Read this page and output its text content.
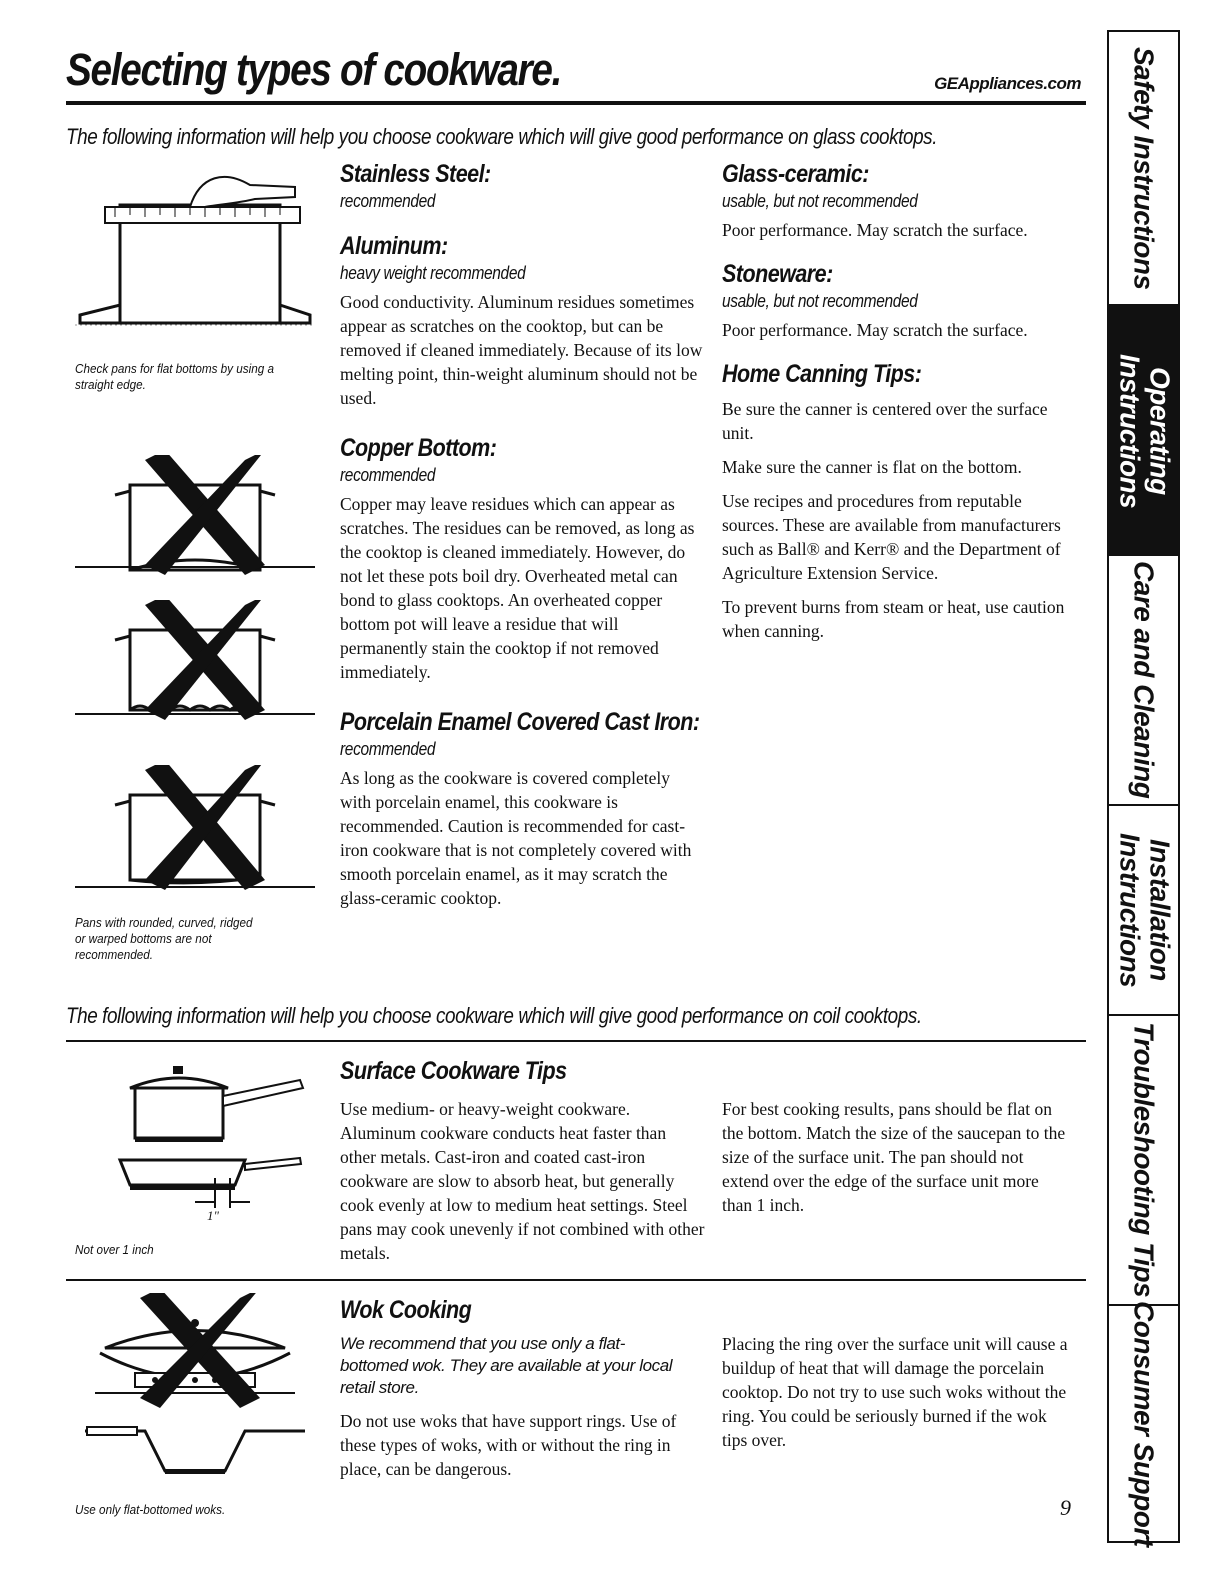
Selecting types of cookware.	GEAppliances.com
The following information will help you choose cookware which will give good performance on glass cooktops.
Check pans for flat bottoms by using a straight edge.
Pans with rounded, curved, ridged or warped bottoms are not recommended.
Stainless Steel:
recommended
Aluminum:
heavy weight recommended

Good conductivity. Aluminum residues sometimes appear as scratches on the cooktop, but can be removed if cleaned immediately. Because of its low melting point, thin-weight aluminum should not be used.

Copper Bottom:
recommended

Copper may leave residues which can appear as scratches. The residues can be removed, as long as the cooktop is cleaned immediately. However, do not let these pots boil dry. Overheated metal can bond to glass cooktops. An overheated copper bottom pot will leave a residue that will permanently stain the cooktop if not removed immediately.

Porcelain Enamel Covered Cast Iron:
recommended

As long as the cookware is covered completely with porcelain enamel, this cookware is recommended. Caution is recommended for cast-iron cookware that is not completely covered with smooth porcelain enamel, as it may scratch the glass-ceramic cooktop.

Glass-ceramic:
usable, but not recommended

Poor performance. May scratch the surface.

Stoneware:
usable, but not recommended

Poor performance. May scratch the surface.

Home Canning Tips:

Be sure the canner is centered over the surface unit.

Make sure the canner is flat on the bottom.

Use recipes and procedures from reputable sources. These are available from manufacturers such as Ball® and Kerr® and the Department of Agriculture Extension Service.

To prevent burns from steam or heat, use caution when canning.

The following information will help you choose cookware which will give good performance on coil cooktops.
1"
Not over 1 inch
Surface Cookware Tips

Use medium- or heavy-weight cookware. Aluminum cookware conducts heat faster than other metals. Cast-iron and coated cast-iron cookware are slow to absorb heat, but generally cook evenly at low to medium heat settings. Steel pans may cook unevenly if not combined with other metals.

For best cooking results, pans should be flat on the bottom. Match the size of the saucepan to the size of the surface unit. The pan should not extend over the edge of the surface unit more than 1 inch.

Use only flat-bottomed woks.
Wok Cooking
We recommend that you use only a flat-bottomed wok. They are available at your local retail store.

Do not use woks that have support rings. Use of these types of woks, with or without the ring in place, can be dangerous.

Placing the ring over the surface unit will cause a buildup of heat that will damage the porcelain cooktop. Do not try to use such woks without the ring. You could be seriously burned if the wok tips over.

9
Safety Instructions
Operating Instructions
Care and Cleaning
Installation Instructions
Troubleshooting Tips
Consumer Support
